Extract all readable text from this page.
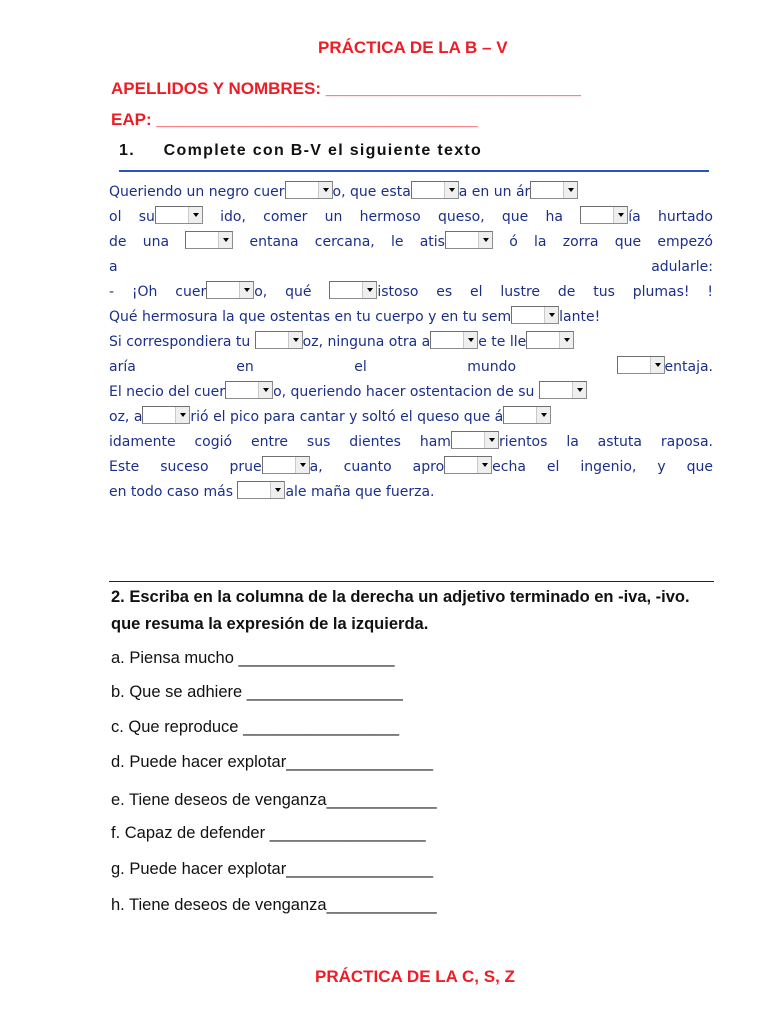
PRÁCTICA DE LA B – V
APELLIDOS Y NOMBRES: ___________________________
EAP: __________________________________
1.     Complete con B-V el siguiente texto
Queriendo un negro cuer	o, que esta	a en un ár
ol su	ido, comer un hermoso queso, que ha	ía hurtado
de una	entana cercana, le atis	ó la zorra que empezó
a	adularle:
- ¡Oh cuer	o, qué	istoso es el lustre de tus plumas! !
Qué hermosura la que ostentas en tu cuerpo y en tu sem	lante!
Si correspondiera tu	oz, ninguna otra a	e te lle
aría	en	el	mundo	entaja.
El necio del cuer	o, queriendo hacer ostentacion de su
oz, a	rió el pico para cantar y soltó el queso que á
idamente cogió entre sus dientes ham	rientos la astuta raposa.
Este suceso prue	a, cuanto apro	echa el ingenio, y que
en todo caso más	ale maña que fuerza.
2. Escriba en la columna de la derecha un adjetivo terminado en -iva, -ivo. que resuma la expresión de la izquierda.
a. Piensa mucho _________________
b. Que se adhiere _________________
c. Que reproduce _________________
d. Puede hacer explotar________________
e. Tiene deseos de venganza____________
f. Capaz de defender _________________
g. Puede hacer explotar________________
h. Tiene deseos de venganza____________
PRÁCTICA DE LA C, S, Z
